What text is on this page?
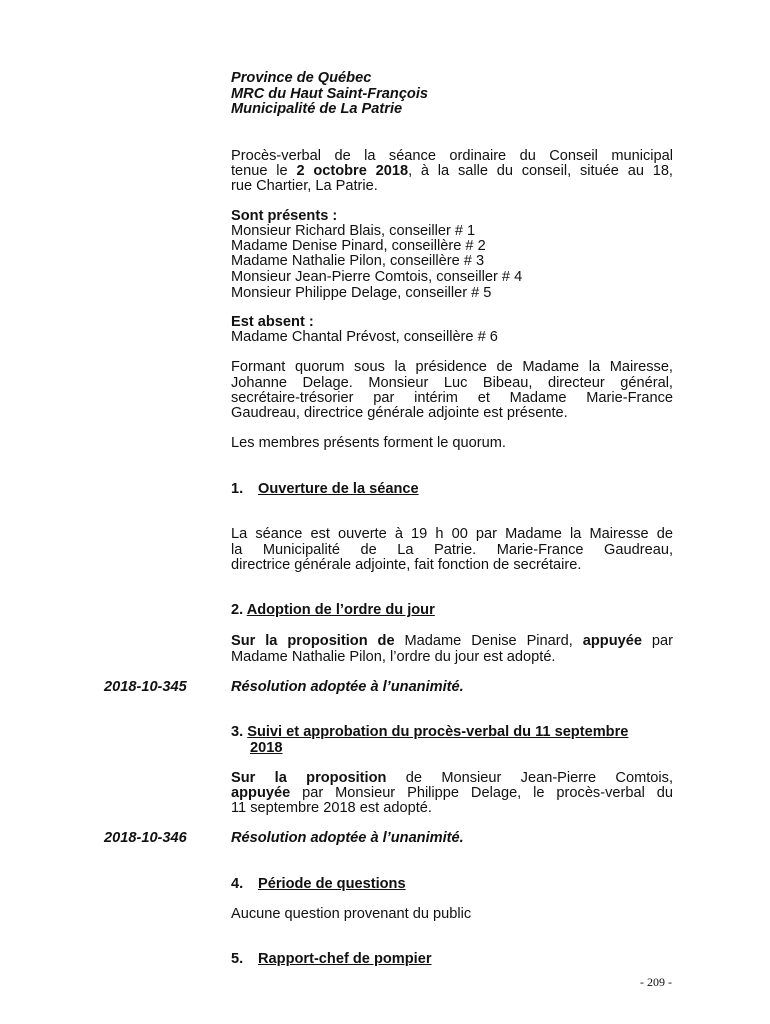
Province de Québec
MRC du Haut Saint-François
Municipalité de La Patrie
Procès-verbal de la séance ordinaire du Conseil municipal
tenue le 2 octobre 2018, à la salle du conseil, située au 18,
rue Chartier, La Patrie.
Sont présents :
Monsieur Richard Blais, conseiller # 1
Madame Denise Pinard, conseillère # 2
Madame Nathalie Pilon, conseillère # 3
Monsieur Jean-Pierre Comtois, conseiller # 4
Monsieur Philippe Delage, conseiller # 5
Est absent :
Madame Chantal Prévost, conseillère # 6
Formant quorum sous la présidence de Madame la Mairesse,
Johanne Delage. Monsieur Luc Bibeau, directeur général,
secrétaire-trésorier par intérim et Madame Marie-France
Gaudreau, directrice générale adjointe est présente.
Les membres présents forment le quorum.
1. Ouverture de la séance
La séance est ouverte à 19 h 00 par Madame la Mairesse de
la Municipalité de La Patrie. Marie-France Gaudreau,
directrice générale adjointe, fait fonction de secrétaire.
2. Adoption de l’ordre du jour
Sur la proposition de Madame Denise Pinard, appuyée par
Madame Nathalie Pilon, l’ordre du jour est adopté.
2018-10-345	Résolution adoptée à l’unanimité.
3. Suivi et approbation du procès-verbal du 11 septembre
2018
Sur la proposition de Monsieur Jean-Pierre Comtois,
appuyée par Monsieur Philippe Delage, le procès-verbal du
11 septembre 2018 est adopté.
2018-10-346	Résolution adoptée à l’unanimité.
4. Période de questions
Aucune question provenant du public
5. Rapport-chef de pompier
- 209 -
